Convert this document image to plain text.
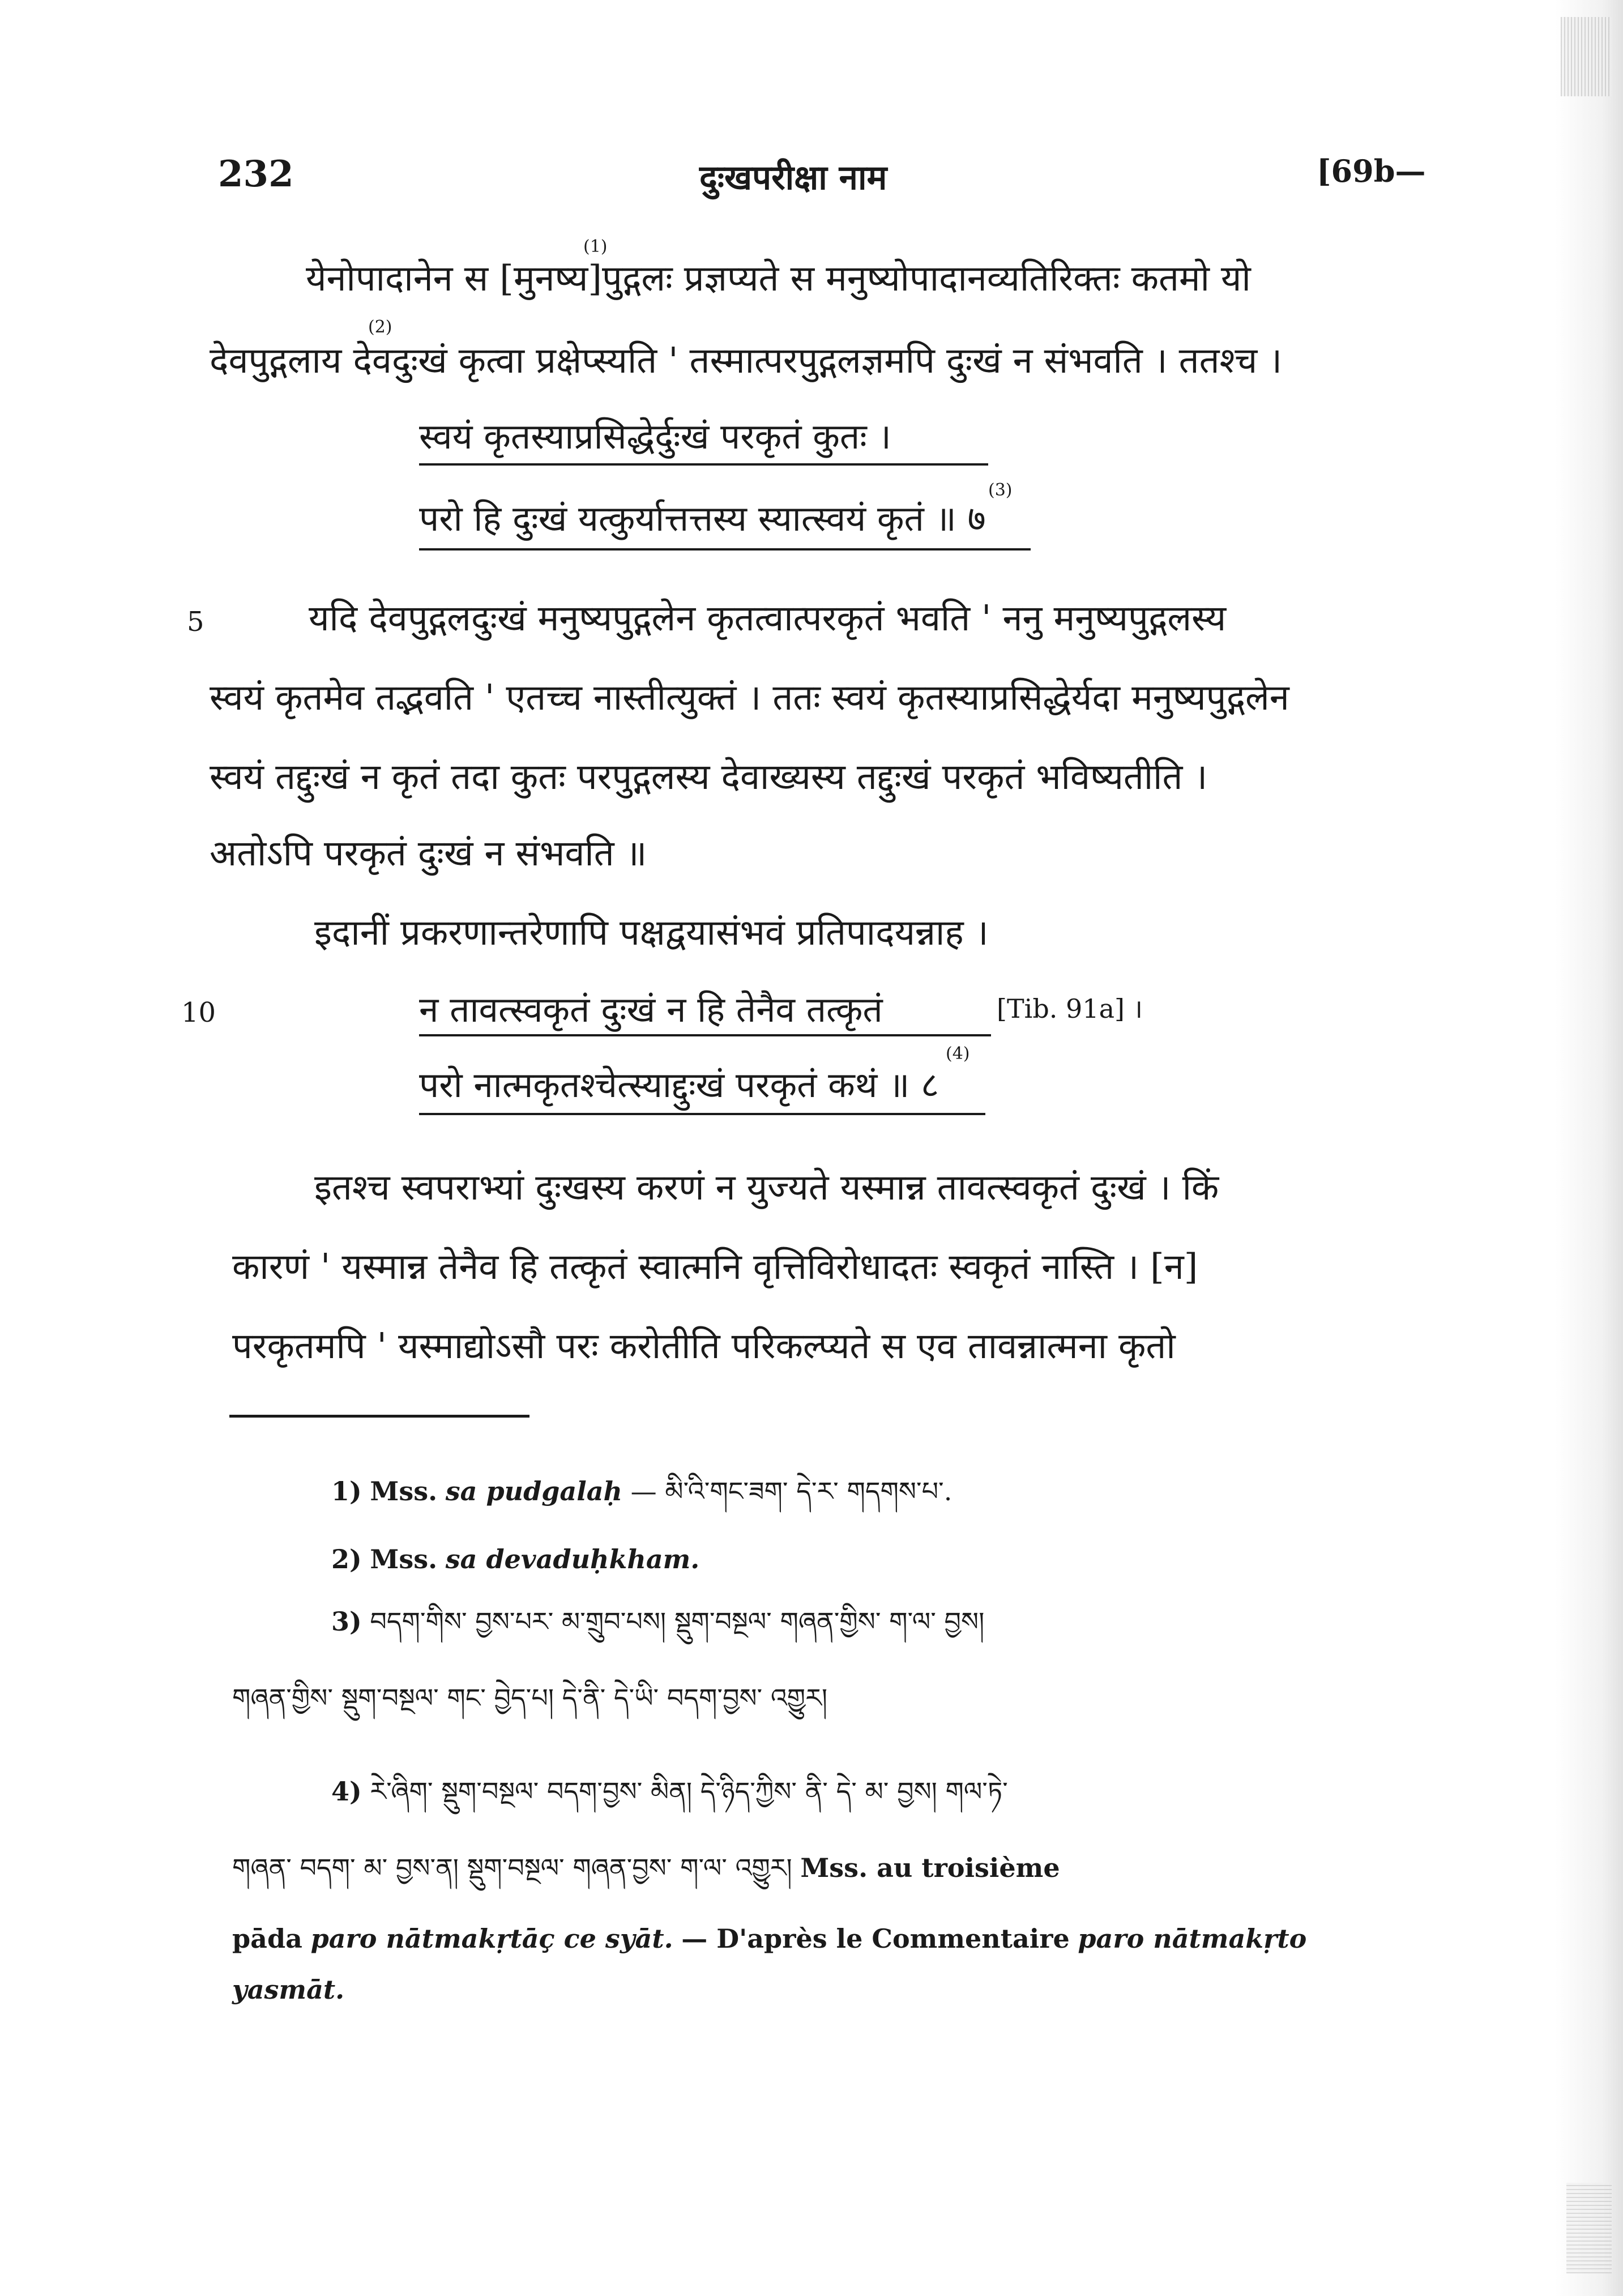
232	दुःखपरीक्षा नाम	[69b—
(1)
येनोपादानेन स [मुनष्य]पुद्गलः प्रज्ञप्यते स मनुष्योपादानव्यतिरिक्तः कतमो यो
(2)
देवपुद्गलाय देवदुःखं कृत्वा प्रक्षेप्स्यति ' तस्मात्परपुद्गलज्ञमपि दुःखं न संभवति । ततश्च ।
स्वयं कृतस्याप्रसिद्धेर्दुःखं परकृतं कुतः ।
(3)
परो हि दुःखं यत्कुर्यात्तत्तस्य स्यात्स्वयं कृतं ॥ ७
5	यदि देवपुद्गलदुःखं मनुष्यपुद्गलेन कृतत्वात्परकृतं भवति ' ननु मनुष्यपुद्गलस्य
स्वयं कृतमेव तद्भवति ' एतच्च नास्तीत्युक्तं । ततः स्वयं कृतस्याप्रसिद्धेर्यदा मनुष्यपुद्गलेन
स्वयं तद्दुःखं न कृतं तदा कुतः परपुद्गलस्य देवाख्यस्य तद्दुःखं परकृतं भविष्यतीति ।
अतोऽपि परकृतं दुःखं न संभवति ॥
इदानीं प्रकरणान्तरेणापि पक्षद्वयासंभवं प्रतिपादयन्नाह ।
10	न तावत्स्वकृतं दुःखं न हि तेनैव तत्कृतं	[Tib. 91a] ।
(4)
परो नात्मकृतश्चेत्स्याद्दुःखं परकृतं कथं ॥ ८
इतश्च स्वपराभ्यां दुःखस्य करणं न युज्यते यस्मान्न तावत्स्वकृतं दुःखं । किं
कारणं ' यस्मान्न तेनैव हि तत्कृतं स्वात्मनि वृत्तिविरोधादतः स्वकृतं नास्ति । [न]
परकृतमपि ' यस्माद्योऽसौ परः करोतीति परिकल्प्यते स एव तावन्नात्मना कृतो
1) Mss. sa pudgalaḥ — མི་འི་གང་ཟག་ དེ་ར་ གདགས་པ་.
2) Mss. sa devaduḥkham.
3) བདག་གིས་ བྱས་པར་ མ་གྲུབ་པས། སྡུག་བསྔལ་ གཞན་གྱིས་ ག་ལ་ བྱས།
གཞན་གྱིས་ སྡུག་བསྔལ་ གང་ བྱེད་པ། དེ་ནི་ དེ་ཡི་ བདག་བྱས་ འགྱུར།
4) རེ་ཞིག་ སྡུག་བསྔལ་ བདག་བྱས་ མིན། དེ་ཉིད་ཀྱིས་ ནི་ དེ་ མ་ བྱས། གལ་ཏེ་
གཞན་ བདག་ མ་ བྱས་ན། སྡུག་བསྔལ་ གཞན་བྱས་ ག་ལ་ འགྱུར། Mss. au troisième
pāda paro nātmakṛtāç ce syāt. — D'après le Commentaire paro nātmakṛto
yasmāt.
